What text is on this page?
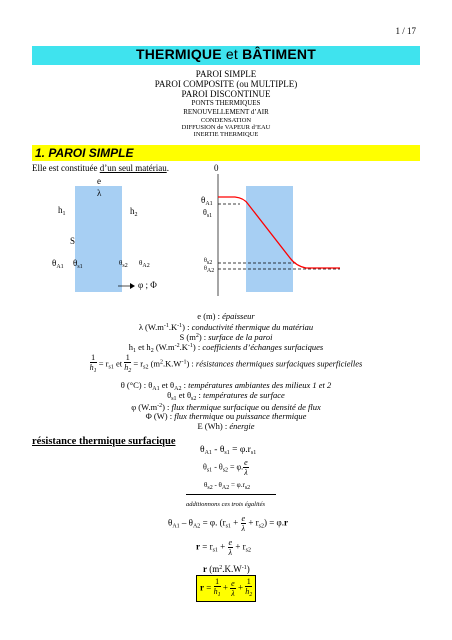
1 / 17
THERMIQUE et BÂTIMENT
PAROI SIMPLE
PAROI COMPOSITE (ou MULTIPLE)
PAROI DISCONTINUE
PONTS THERMIQUES
RENOUVELLEMENT d’AIR
CONDENSATION
DIFFUSION de VAPEUR d’EAU
INERTIE THERMIQUE
1. PAROI SIMPLE
Elle est constituée d’un seul matériau.
e
λ
$h_1$	$h_2$
S
$\theta_{A1}$ $\theta_{s1}$	θs2 θA2
φ ; Φ
0
$\theta_{A1}$
$\theta_{s1}$
θs2
θA2
e (m) : épaisseur
λ $(W.m^{-1}.K^{-1})$ : conductivité thermique du matériau
S $(m^2)$ : surface de la paroi
$h_1$ et $h_2$ $(W.m^{-2}.K^{-1})$ : coefficients d’échanges surfaciques
$\frac{1}{h_1} = r_{s1}$ et $\frac{1}{h_2} = r_{s2}$ $(m^2.K.W^{-1})$ : résistances thermiques surfaciques superficielles
θ (°C) : $\theta_{A1}$ et $\theta_{A2}$ : températures ambiantes des milieux 1 et 2
$\theta_{s1}$ et $\theta_{s2}$ : températures de surface
φ $(W.m^{-2})$ : flux thermique surfacique ou densité de flux
Φ (W) : flux thermique ou puissance thermique
E (Wh) : énergie
résistance thermique surfacique
$\theta_{A1} - \theta_{s1} = \varphi.r_{s1}$
$\theta_{s1} - \theta_{s2} = \varphi$. $\frac{e}{\lambda}$
θs2 - θA2 = φ.rs2
additionnons ces trois égalités
$\theta_{A1} - \theta_{A2} = \varphi$. $(r_{s1} + \frac{e}{\lambda} + r_{s2}) = \varphi.r$
$r = r_{s1} + \frac{e}{\lambda} + r_{s2}$
r $(m^2.K.W^{-1})$
$r = \frac{1}{h_1} + \frac{e}{\lambda} + \frac{1}{h_2}$
